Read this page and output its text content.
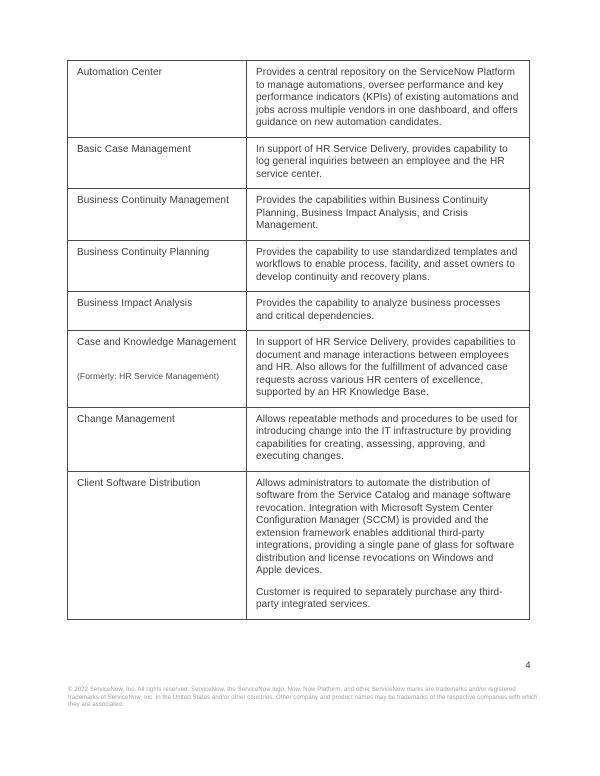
Automation Center	Provides a central repository on the ServiceNow Platform to manage automations, oversee performance and key performance indicators (KPIs) of existing automations and jobs across multiple vendors in one dashboard, and offers guidance on new automation candidates.

Basic Case Management	In support of HR Service Delivery, provides capability to log general inquiries between an employee and the HR service center.

Business Continuity Management	Provides the capabilities within Business Continuity Planning, Business Impact Analysis, and Crisis Management.

Business Continuity Planning	Provides the capability to use standardized templates and workflows to enable process, facility, and asset owners to develop continuity and recovery plans.

Business Impact Analysis	Provides the capability to analyze business processes and critical dependencies.

Case and Knowledge Management
(Formerly: HR Service Management)	In support of HR Service Delivery, provides capabilities to document and manage interactions between employees and HR. Also allows for the fulfillment of advanced case requests across various HR centers of excellence, supported by an HR Knowledge Base.

Change Management	Allows repeatable methods and procedures to be used for introducing change into the IT infrastructure by providing capabilities for creating, assessing, approving, and executing changes.

Client Software Distribution	Allows administrators to automate the distribution of software from the Service Catalog and manage software revocation. Integration with Microsoft System Center Configuration Manager (SCCM) is provided and the extension framework enables additional third-party integrations, providing a single pane of glass for software distribution and license revocations on Windows and Apple devices.

Customer is required to separately purchase any third-party integrated services.

4
© 2022 ServiceNow, Inc. All rights reserved. ServiceNow, the ServiceNow logo, Now, Now Platform, and other ServiceNow marks are trademarks and/or registered trademarks of ServiceNow, Inc. in the United States and/or other countries. Other company and product names may be trademarks of the respective companies with which they are associated.
